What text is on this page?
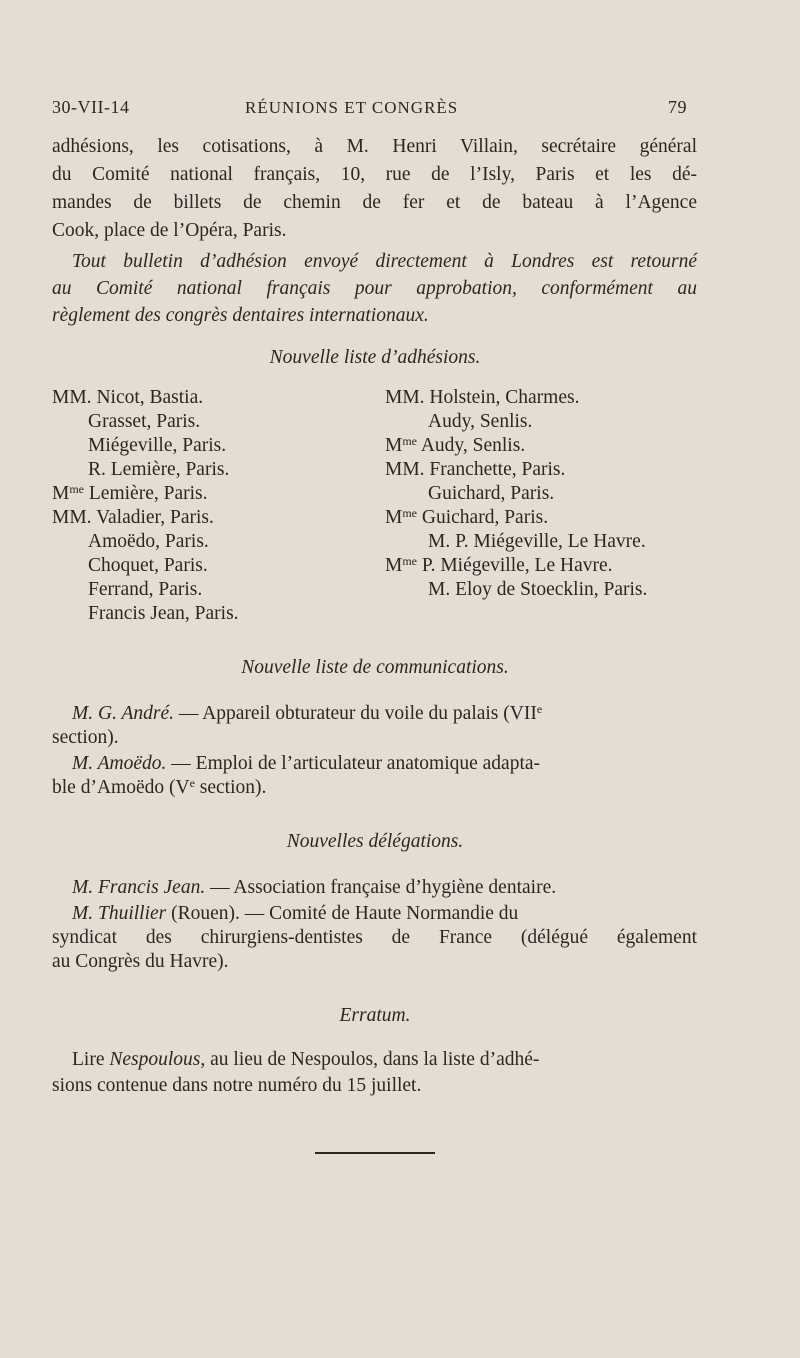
30-VII-14	RÉUNIONS ET CONGRÈS	79
adhésions, les cotisations, à M. Henri Villain, secrétaire général
du Comité national français, 10, rue de l’Isly, Paris et les dé-
mandes de billets de chemin de fer et de bateau à l’Agence
Cook, place de l’Opéra, Paris.
Tout bulletin d’adhésion envoyé directement à Londres est retourné
au Comité national français pour approbation, conformément au
règlement des congrès dentaires internationaux.
Nouvelle liste d’adhésions.
MM. Nicot, Bastia.
Grasset, Paris.
Miégeville, Paris.
R. Lemière, Paris.
$M^{me}$ Lemière, Paris.
MM. Valadier, Paris.
Amoëdo, Paris.
Choquet, Paris.
Ferrand, Paris.
Francis Jean, Paris.
MM. Holstein, Charmes.
Audy, Senlis.
$M^{me}$ Audy, Senlis.
MM. Franchette, Paris.
Guichard, Paris.
$M^{me}$ Guichard, Paris.
M. P. Miégeville, Le Havre.
$M^{me}$ P. Miégeville, Le Havre.
M. Eloy de Stoecklin, Paris.
Nouvelle liste de communications.
M. G. André. — Appareil obturateur du voile du palais (VIIe
section).
M. Amoëdo. — Emploi de l’articulateur anatomique adapta-
ble d’Amoëdo (Ve section).
Nouvelles délégations.
M. Francis Jean. — Association française d’hygiène dentaire.
M. Thuillier (Rouen). — Comité de Haute Normandie du
syndicat des chirurgiens-dentistes de France (délégué également
au Congrès du Havre).
Erratum.
Lire Nespoulous, au lieu de Nespoulos, dans la liste d’adhé-
sions contenue dans notre numéro du 15 juillet.
